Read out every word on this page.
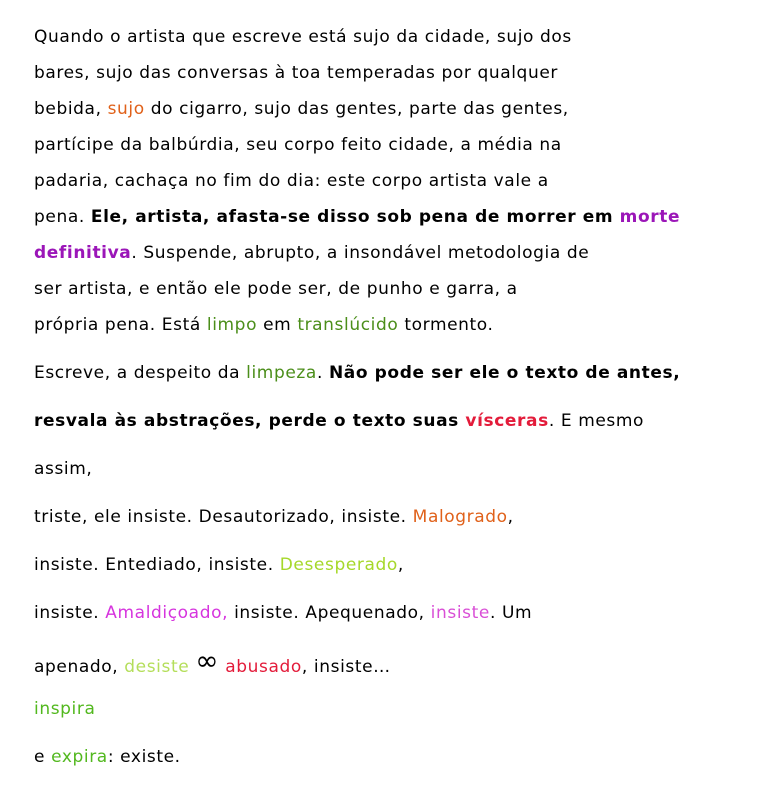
Quando o artista que escreve está sujo da cidade, sujo dos
bares, sujo das conversas à toa temperadas por qualquer
bebida, sujo do cigarro, sujo das gentes, parte das gentes,
partícipe da balbúrdia, seu corpo feito cidade, a média na
padaria, cachaça no fim do dia: este corpo artista vale a
pena. Ele, artista, afasta-se disso sob pena de morrer em morte
definitiva. Suspende, abrupto, a insondável metodologia de
ser artista, e então ele pode ser, de punho e garra, a
própria pena. Está limpo em translúcido tormento.
Escreve, a despeito da limpeza. Não pode ser ele o texto de antes,
resvala às abstrações, perde o texto suas vísceras. E mesmo
assim,
triste, ele insiste. Desautorizado, insiste. Malogrado,
insiste. Entediado, insiste. Desesperado,
insiste. Amaldiçoado, insiste. Apequenado, insiste. Um
apenado, desiste ∞ abusado, insiste…
inspira
e expira: existe.
